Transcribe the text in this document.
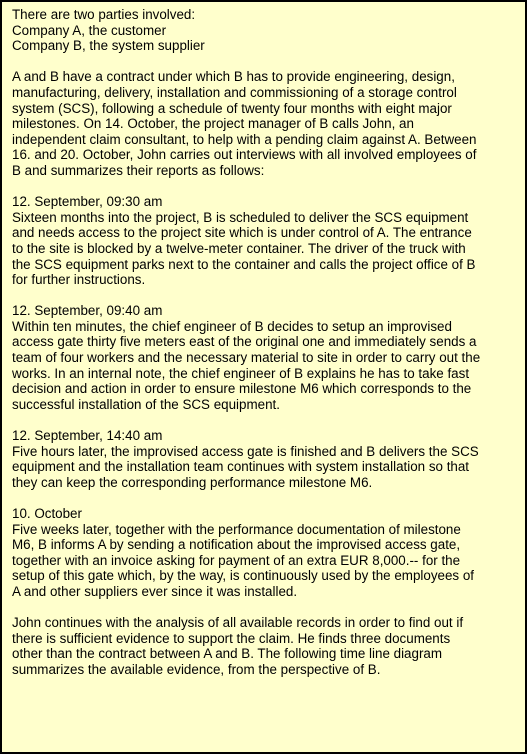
There are two parties involved:
Company A, the customer
Company B, the system supplier
A and B have a contract under which B has to provide engineering, design,
manufacturing, delivery, installation and commissioning of a storage control
system (SCS), following a schedule of twenty four months with eight major
milestones. On 14. October, the project manager of B calls John, an
independent claim consultant, to help with a pending claim against A. Between
16. and 20. October, John carries out interviews with all involved employees of
B and summarizes their reports as follows:
12. September, 09:30 am
Sixteen months into the project, B is scheduled to deliver the SCS equipment
and needs access to the project site which is under control of A. The entrance
to the site is blocked by a twelve-meter container. The driver of the truck with
the SCS equipment parks next to the container and calls the project office of B
for further instructions.
12. September, 09:40 am
Within ten minutes, the chief engineer of B decides to setup an improvised
access gate thirty five meters east of the original one and immediately sends a
team of four workers and the necessary material to site in order to carry out the
works. In an internal note, the chief engineer of B explains he has to take fast
decision and action in order to ensure milestone M6 which corresponds to the
successful installation of the SCS equipment.
12. September, 14:40 am
Five hours later, the improvised access gate is finished and B delivers the SCS
equipment and the installation team continues with system installation so that
they can keep the corresponding performance milestone M6.
10. October
Five weeks later, together with the performance documentation of milestone
M6, B informs A by sending a notification about the improvised access gate,
together with an invoice asking for payment of an extra EUR 8,000.-- for the
setup of this gate which, by the way, is continuously used by the employees of
A and other suppliers ever since it was installed.
John continues with the analysis of all available records in order to find out if
there is sufficient evidence to support the claim. He finds three documents
other than the contract between A and B. The following time line diagram
summarizes the available evidence, from the perspective of B.
